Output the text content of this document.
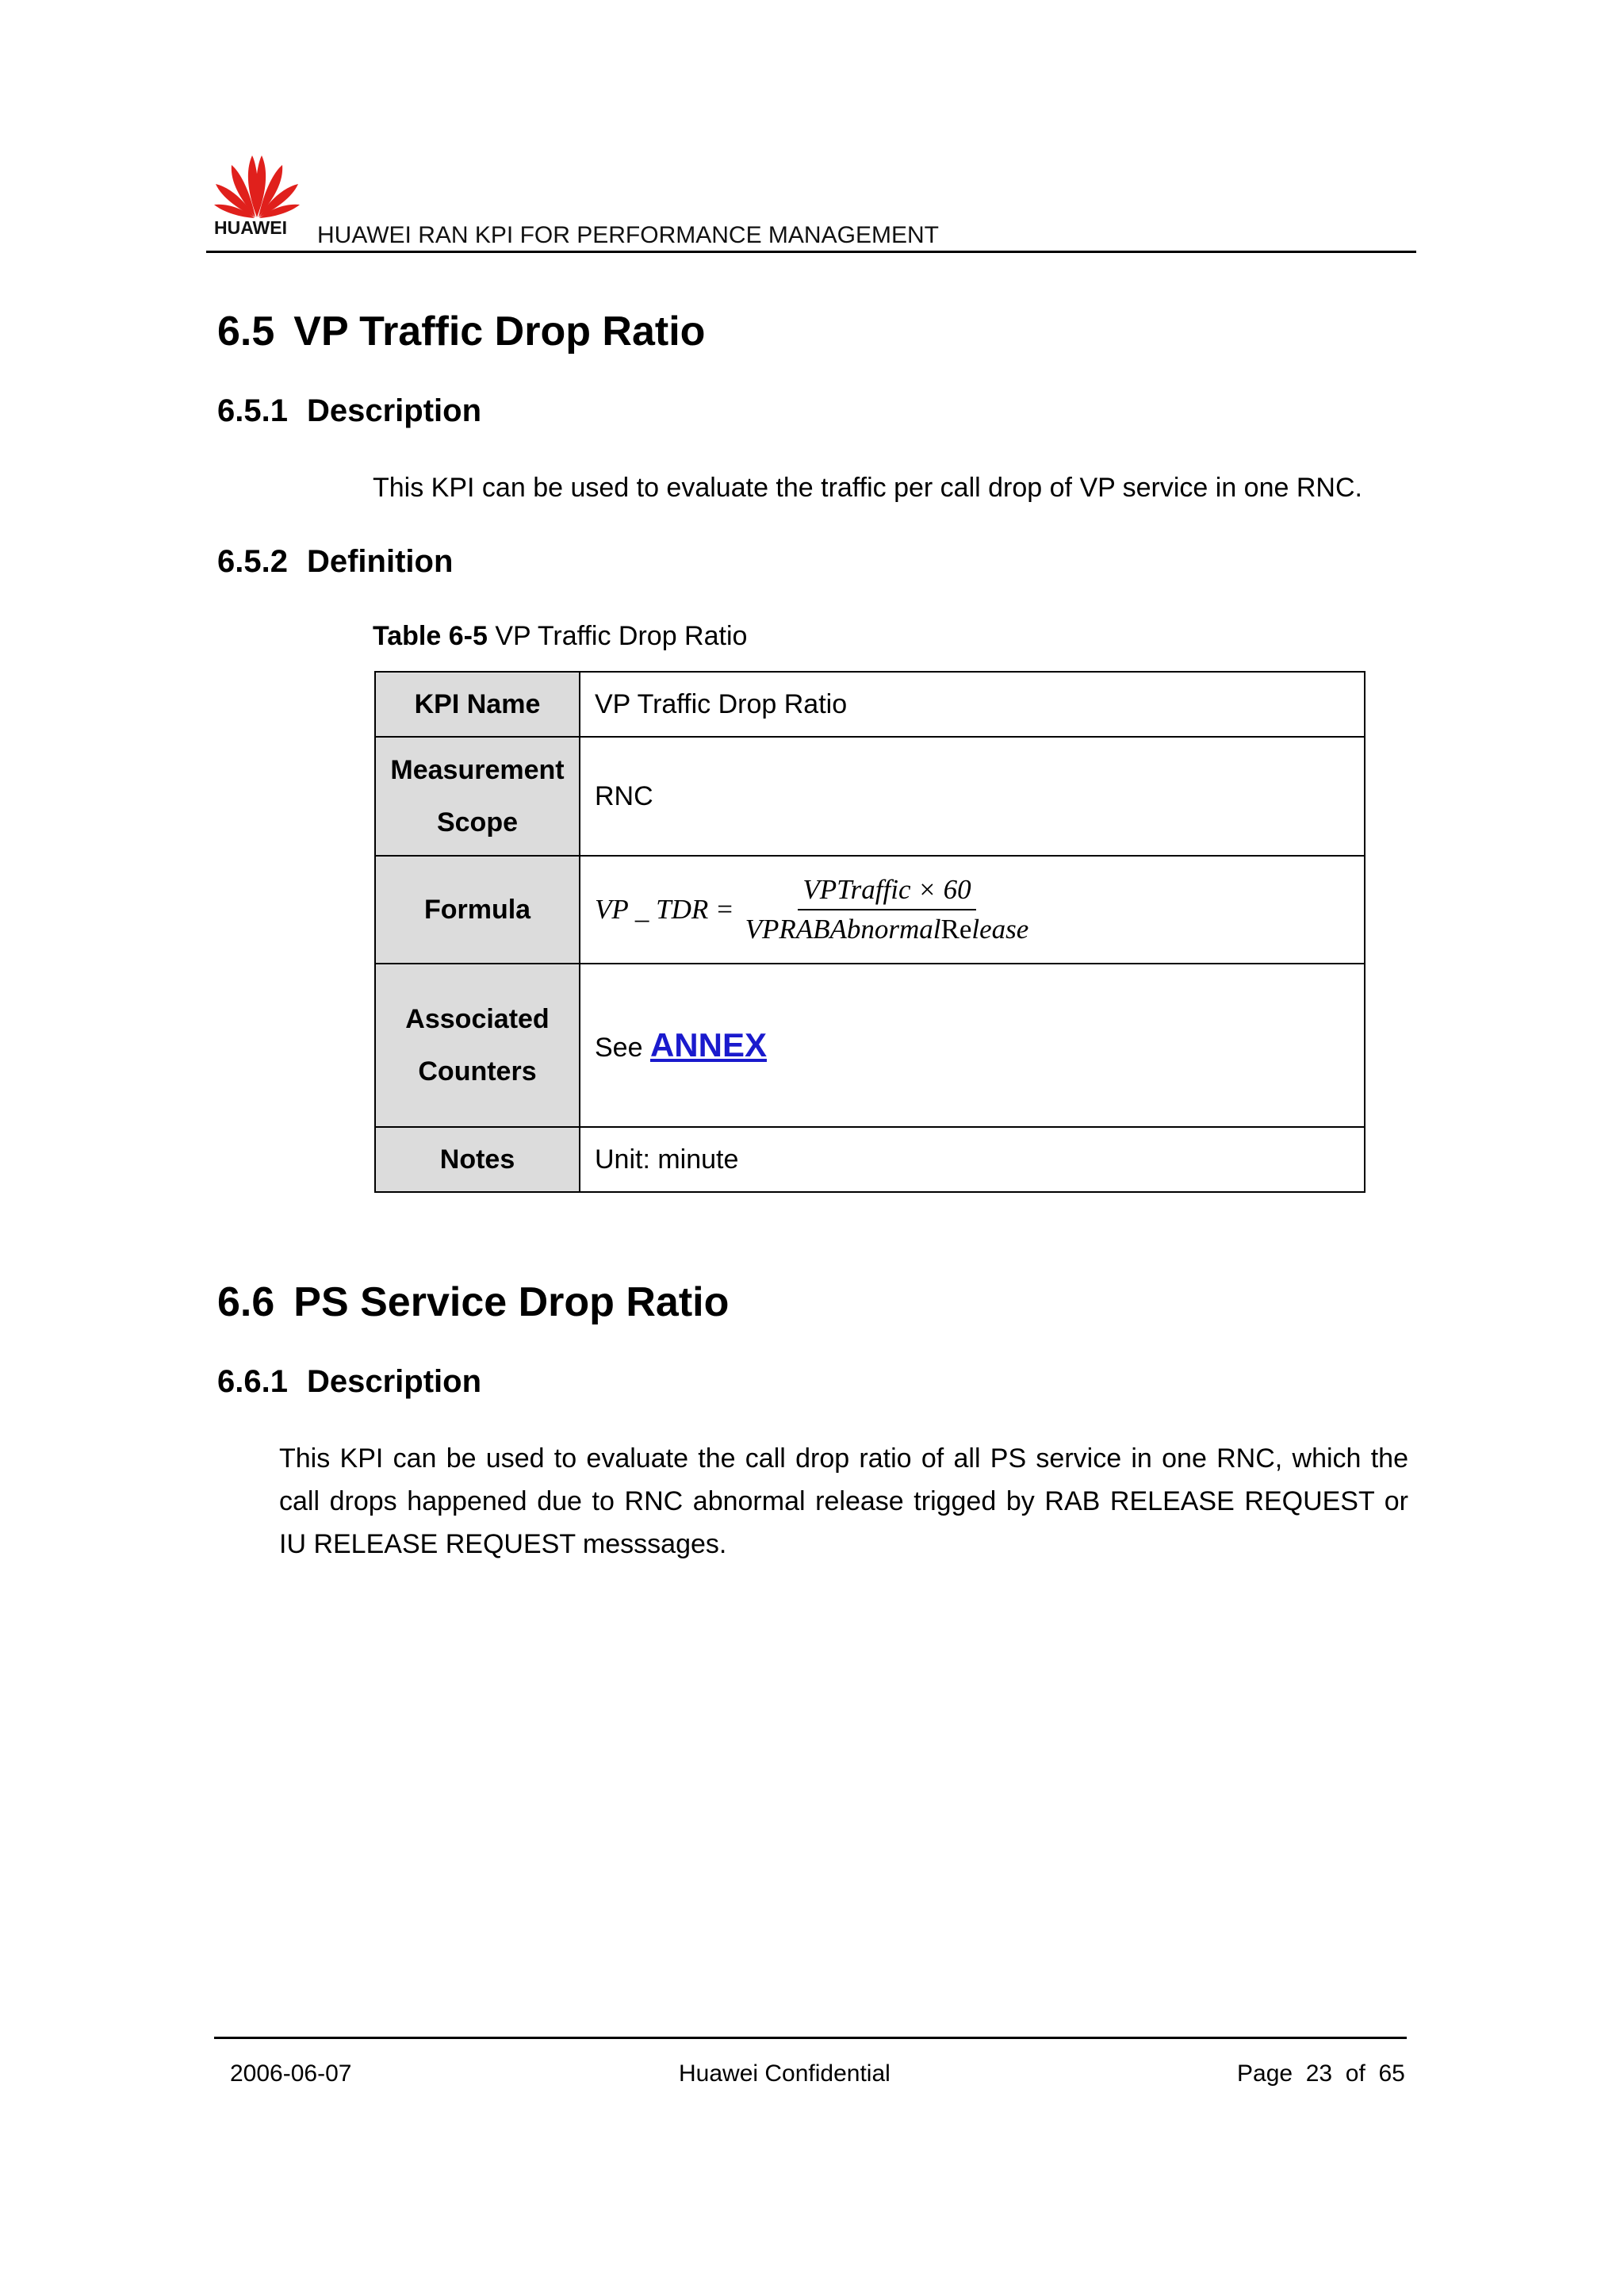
HUAWEI HUAWEI RAN KPI FOR PERFORMANCE MANAGEMENT
6.5 VP Traffic Drop Ratio
6.5.1 Description
This KPI can be used to evaluate the traffic per call drop of VP service in one RNC.
6.5.2 Definition
Table 6-5 VP Traffic Drop Ratio
KPI Name	VP Traffic Drop Ratio

Measurement
Scope	RNC
Formula	VP _ TDR = $\frac{\text{VPTraffic × 60}}{\text{VPRABAbnormalRelease}}$

Associated
Counters	See ANNEX
Notes	Unit: minute
6.6 PS Service Drop Ratio
6.6.1 Description
This KPI can be used to evaluate the call drop ratio of all PS service in one RNC, which the call drops happened due to RNC abnormal release trigged by RAB RELEASE REQUEST or IU RELEASE REQUEST messsages.
2006-06-07	Huawei Confidential	Page 23 of 65
